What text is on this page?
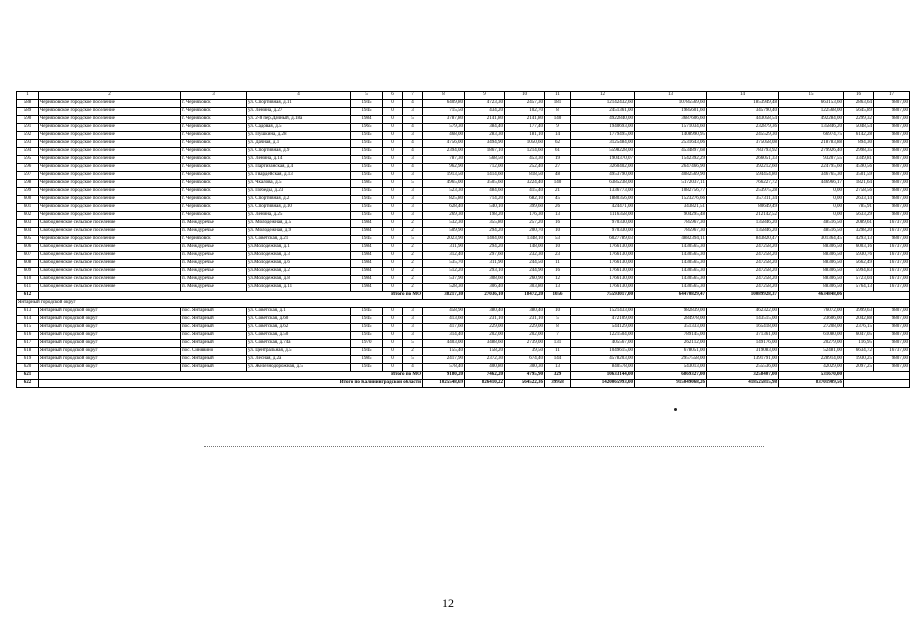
1	2	3	4	5	6	7	8	9	10	11	12	13	14	15	16	17
588	Черняховское городское поселение	г. Черняховск	ул. Спортивная, д.11	1945	0	4	6409,80	4723,30	2457,30	181	12142432,60	10785569,60	1853949,48	663153,60	2863,64	9807,00
589	Черняховское городское поселение	г. Черняховск	ул. Ленина, д.27	1945	0	3	715,50	434,20	102,70	8	2451361,00	1985601,60	345790,40	122568,00	5645,89	9807,00
590	Черняховское городское поселение	г. Черняховск	ул. 2-й пер.Дачный, д.18а	1984	0	5	3787,80	2141,80	2141,80	140	4922840,00	3687606,60	443058,54	492284,00	2299,32	9807,00
591	Черняховское городское поселение	г. Черняховск	ул. Садовая, д.5	1965	0	4	579,30	384,40	177,40	9	1940693,00	1571034,60	232879,36	135846,20	5048,54	9807,00
592	Черняховское городское поселение	г. Черняховск	ул. Пушкина, д.28	1945	0	3	468,00	283,30	181,10	14	1779495,00	1408990,95	245529,30	66974,75	6142,28	9807,00
593	Черняховское городское поселение	г. Черняховск	ул. Дачная, д.1	1945	0	4	4756,00	3494,90	1050,60	62	3125484,00	2531643,06	375058,08	218783,88	894,30	9807,00
594	Черняховское городское поселение	г. Черняховск	ул. Спортивная, д.9	1945	0	4	2394,00	1867,10	1214,60	61	5598228,00	4534897,68	783793,92	279926,40	2998,35	9807,00
595	Черняховское городское поселение	г. Черняховск	ул. Ленина, д.14	1945	0	3	787,30	568,50	453,30	19	1904370,07	1542392,29	266051,33	93207,55	3349,81	9807,00
596	Черняховское городское поселение	г. Черняховск	ул. Партизанская, д.4	1945	0	4	962,90	712,00	252,40	27	3260402,00	2647466,90	392212,60	224795,60	4590,56	9807,00
597	Черняховское городское поселение	г. Черняховск	ул. Гвардейская, д.13	1945	0	3	1913,50	1414,60	818,50	48	4953790,00	4082569,90	594454,80	346765,30	3501,59	9807,00
598	Черняховское городское поселение	г. Черняховск	ул. Чкалова, д.5	1985	0	5	4965,00	3505,60	3224,40	140	6385238,00	5172037,11	766227,72	446966,17	1821,64	9807,00
599	Черняховское городское поселение	г. Черняховск	ул. Победы, д.23	1945	0	3	523,30	484,60	415,40	21	1336773,00	1082756,77	253975,28	0,00	2758,56	9807,00
600	Черняховское городское поселение	г. Черняховск	ул. Спортивная, д.2	1945	0	3	825,80	714,20	682,10	45	1880356,00	1523276,66	357311,34	0,00	2633,14	9807,00
601	Черняховское городское поселение	г. Черняховск	ул. Спортивная, д.10	1945	0	3	628,40	540,10	399,60	26	424471,00	343821,51	80649,49	0,00	785,91	9807,00
602	Черняховское городское поселение	г. Черняховск	ул. Ленина, д.25	1945	0	3	269,30	198,20	176,30	13	1116358,00	904295,48	212142,52	0,00	5633,29	9807,00
603	Свободненское сельское поселение	п. Междуречье	ул. Молодежная, д.5	1984	0	2	532,30	355,80	257,20	16	970330,00	785967,30	135846,20	48516,50	2089,61	16737,00
604	Свободненское сельское поселение	п. Междуречье	ул. Молодежная, д.9	1984	0	2	509,90	294,20	200,70	10	970330,00	785967,30	135846,20	48516,50	3298,20	16737,00
605	Черняховское городское поселение	г. Черняховск	ул. Советская, д.21	1945	0	5	2023,90	1404,00	1348,10	53	6027789,03	4882394,11	843820,47	301364,45	4293,13	9807,00
606	Свободненское сельское поселение	п. Междуречье	ул.Молодежная, д.1	1984	0	2	311,90	294,20	148,00	10	1766130,00	1430565,30	247258,20	88306,50	6003,16	16737,00
607	Свободненское сельское поселение	п. Междуречье	ул.Молодежная, д.3	1984	0	2	312,40	297,60	232,30	23	1766130,00	1430565,30	247258,20	88306,50	5930,76	16737,00
608	Свободненское сельское поселение	п. Междуречье	ул.Молодежная, д.6	1984	0	2	535,70	311,90	244,50	11	1766130,00	1430565,30	247258,20	88306,50	5662,49	16737,00
609	Свободненское сельское поселение	п. Междуречье	ул.Молодежная, д.2	1984	0	2	512,20	293,10	244,90	16	1766130,00	1430565,30	247258,20	88306,50	5994,83	16737,00
610	Свободненское сельское поселение	п. Междуречье	ул.Молодежная, д.8	1984	0	2	537,90	308,60	260,90	12	1766130,00	1430565,30	247258,20	88306,50	5723,04	16737,00
611	Свободненское сельское поселение	п. Междуречье	ул.Молодежная, д.11	1984	0	2	528,30	306,40	303,80	13	1766130,00	1430565,30	247258,20	88306,50	5764,13	16737,00
612	Итого по МО						38217,30	27036,10	18472,20	1056	75593017,00	64470829,47	10089928,37	4634848,06		
Янтарный городской округ																
613	Янтарный городской округ	пос. Янтарный	ул. Советская, д.1	1945	0	3	458,90	380,40	380,40	10	1521433,00	982839,00	462322,00	76072,00	3999,63	9807,00
614	Янтарный городской округ	пос. Янтарный	ул. Советская, д.60	1945	0	3	413,60	231,10	231,10	5	472109,00	284978,00	143515,00	23606,00	2042,88	9807,00
615	Янтарный городской округ	пос. Янтарный	ул. Советская, д.62	1945	0	3	417,60	229,00	229,00	8	544129,00	351333,00	165418,00	27208,00	2376,15	9807,00
616	Янтарный городской округ	пос. Янтарный	ул. Советская, д.50	1945	0	3	314,40	202,00	202,00	7	1221504,00	789145,00	371361,00	61080,00	6047,05	9807,00
617	Янтарный городской округ	пос. Янтарный	ул. Советская, д.74а	1970	0	5	4403,00	3488,60	2739,00	131	405567,00	262112,00	149176,00	20279,00	116,95	9807,00
618	Янтарный городской округ	пос. Синявино	ул. Центральная, д.5	1945	0	2	155,40	158,20	39,50	11	1049615,00	678051,00	319083,00	52481,00	6634,72	16737,00
619	Янтарный городской округ	пос. Янтарный	ул. Лесная, д.2а	1985	0	5	2417,90	2372,30	674,40	144	4578203,00	2957558,00	1391791,00	228914,00	1930,25	9807,00
620	Янтарный городской округ	пос. Янтарный	ул. Железнодорожная, д.5	1945	0	4	578,40	400,80	300,30	13	840578,00	543013,00	255536,00	42029,00	2097,25	9807,00
621	Итого по МО						9180,20	7462,20	4795,90	329	10633144,00	6869327,00	3258407,00	531670,00		
622	Итого по Калининградской области						1025548,69	826410,22	564522,36	39958	1420065993,00	915049068,26	418525815,98	83701909,56		
12
